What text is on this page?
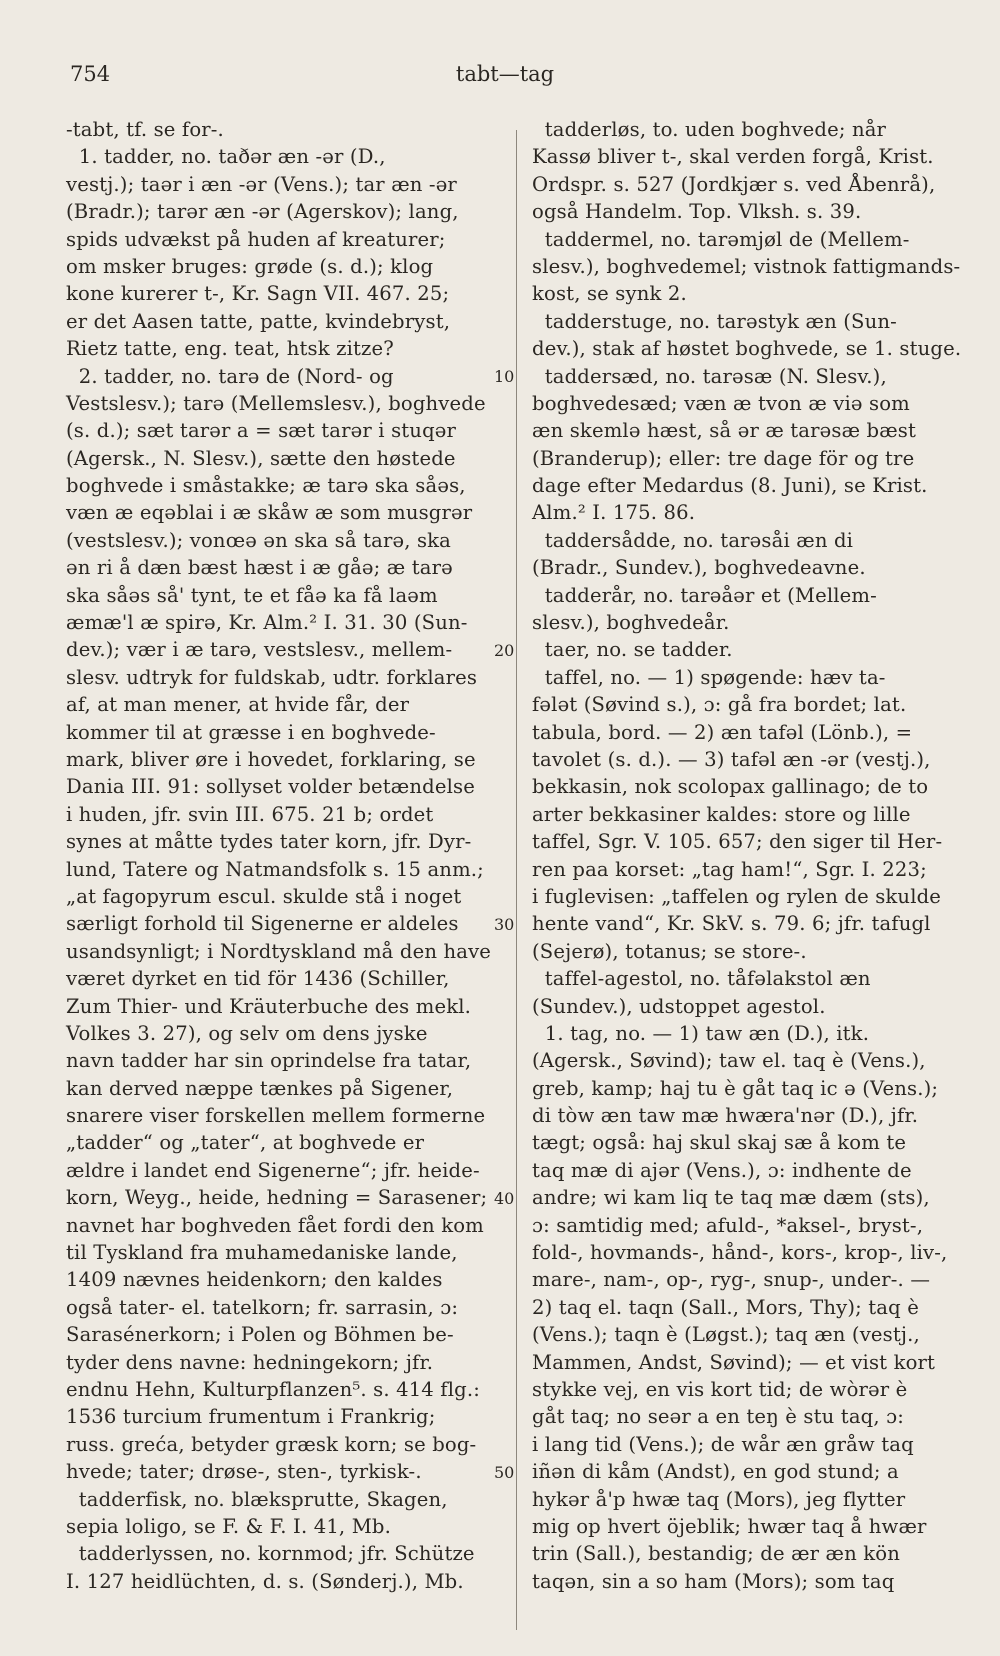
754	tabt—tag
-tabt, tf. se for-.
1. tadder, no. taðər æn -ər (D.,
vestj.); taər i æn -ər (Vens.); tar æn -ər
(Bradr.); tarər æn -ər (Agerskov); lang,
spids udvækst på huden af kreaturer;
om msker bruges: grøde (s. d.); klog
kone kurerer t-, Kr. Sagn VII. 467. 25;
er det Aasen tatte, patte, kvindebryst,
Rietz tatte, eng. teat, htsk zitze?
2. tadder, no. tarə de (Nord- og
Vestslesv.); tarə (Mellemslesv.), boghvede
(s. d.); sæt tarər a = sæt tarər i stuqər
(Agersk., N. Slesv.), sætte den høstede
boghvede i småstakke; æ tarə ska såəs,
væn æ eqəblai i æ skåw æ som musgrər
(vestslesv.); vonœə ən ska så tarə, ska
ən ri å dæn bæst hæst i æ gåə; æ tarə
ska såəs så' tynt, te et fåə ka få laəm
æmæ'l æ spirə, Kr. Alm.² I. 31. 30 (Sun-
dev.); vær i æ tarə, vestslesv., mellem-
slesv. udtryk for fuldskab, udtr. forklares
af, at man mener, at hvide får, der
kommer til at græsse i en boghvede-
mark, bliver øre i hovedet, forklaring, se
Dania III. 91: sollyset volder betændelse
i huden, jfr. svin III. 675. 21 b; ordet
synes at måtte tydes tater korn, jfr. Dyr-
lund, Tatere og Natmandsfolk s. 15 anm.;
„at fagopyrum escul. skulde stå i noget
særligt forhold til Sigenerne er aldeles
usandsynligt; i Nordtyskland må den have
været dyrket en tid för 1436 (Schiller,
Zum Thier- und Kräuterbuche des mekl.
Volkes 3. 27), og selv om dens jyske
navn tadder har sin oprindelse fra tatar,
kan derved næppe tænkes på Sigener,
snarere viser forskellen mellem formerne
„tadder“ og „tater“, at boghvede er
ældre i landet end Sigenerne“; jfr. heide-
korn, Weyg., heide, hedning = Sarasener;
navnet har boghveden fået fordi den kom
til Tyskland fra muhamedaniske lande,
1409 nævnes heidenkorn; den kaldes
også tater- el. tatelkorn; fr. sarrasin, ɔ:
Sarasénerkorn; i Polen og Böhmen be-
tyder dens navne: hedningekorn; jfr.
endnu Hehn, Kulturpflanzen⁵. s. 414 flg.:
1536 turcium frumentum i Frankrig;
russ. greća, betyder græsk korn; se bog-
hvede; tater; drøse-, sten-, tyrkisk-.
tadderfisk, no. blæksprutte, Skagen,
sepia loligo, se F. & F. I. 41, Mb.
tadderlyssen, no. kornmod; jfr. Schütze
I. 127 heidlüchten, d. s. (Sønderj.), Mb.
10
20
30
40
50
tadderløs, to. uden boghvede; når
Kassø bliver t-, skal verden forgå, Krist.
Ordspr. s. 527 (Jordkjær s. ved Åbenrå),
også Handelm. Top. Vlksh. s. 39.
taddermel, no. tarəmjøl de (Mellem-
slesv.), boghvedemel; vistnok fattigmands-
kost, se synk 2.
tadderstuge, no. tarəstyk æn (Sun-
dev.), stak af høstet boghvede, se 1. stuge.
taddersæd, no. tarəsæ (N. Slesv.),
boghvedesæd; væn æ tvon æ viə som
æn skemlə hæst, så ər æ tarəsæ bæst
(Branderup); eller: tre dage för og tre
dage efter Medardus (8. Juni), se Krist.
Alm.² I. 175. 86.
taddersådde, no. tarəsåi æn di
(Bradr., Sundev.), boghvedeavne.
tadderår, no. tarəåər et (Mellem-
slesv.), boghvedeår.
taer, no. se tadder.
taffel, no. — 1) spøgende: hæv ta-
fələt (Søvind s.), ɔ: gå fra bordet; lat.
tabula, bord. — 2) æn tafəl (Lönb.), =
tavolet (s. d.). — 3) tafəl æn -ər (vestj.),
bekkasin, nok scolopax gallinago; de to
arter bekkasiner kaldes: store og lille
taffel, Sgr. V. 105. 657; den siger til Her-
ren paa korset: „tag ham!“, Sgr. I. 223;
i fuglevisen: „taffelen og rylen de skulde
hente vand“, Kr. SkV. s. 79. 6; jfr. tafugl
(Sejerø), totanus; se store-.
taffel-agestol, no. tåfəlakstol æn
(Sundev.), udstoppet agestol.
1. tag, no. — 1) taw æn (D.), itk.
(Agersk., Søvind); taw el. taq è (Vens.),
greb, kamp; haj tu è gåt taq ic ə (Vens.);
di tòw æn taw mæ hwæra'nər (D.), jfr.
tægt; også: haj skul skaj sæ å kom te
taq mæ di ajər (Vens.), ɔ: indhente de
andre; wi kam liq te taq mæ dæm (sts),
ɔ: samtidig med; afuld-, *aksel-, bryst-,
fold-, hovmands-, hånd-, kors-, krop-, liv-,
mare-, nam-, op-, ryg-, snup-, under-. —
2) taq el. taqn (Sall., Mors, Thy); taq è
(Vens.); taqn è (Løgst.); taq æn (vestj.,
Mammen, Andst, Søvind); — et vist kort
stykke vej, en vis kort tid; de wòrər è
gåt taq; no seər a en teŋ è stu taq, ɔ:
i lang tid (Vens.); de wår æn gråw taq
iñən di kåm (Andst), en god stund; a
hykər å'p hwæ taq (Mors), jeg flytter
mig op hvert öjeblik; hwær taq å hwær
trin (Sall.), bestandig; de ær æn kön
taqən, sin a so ham (Mors); som taq
